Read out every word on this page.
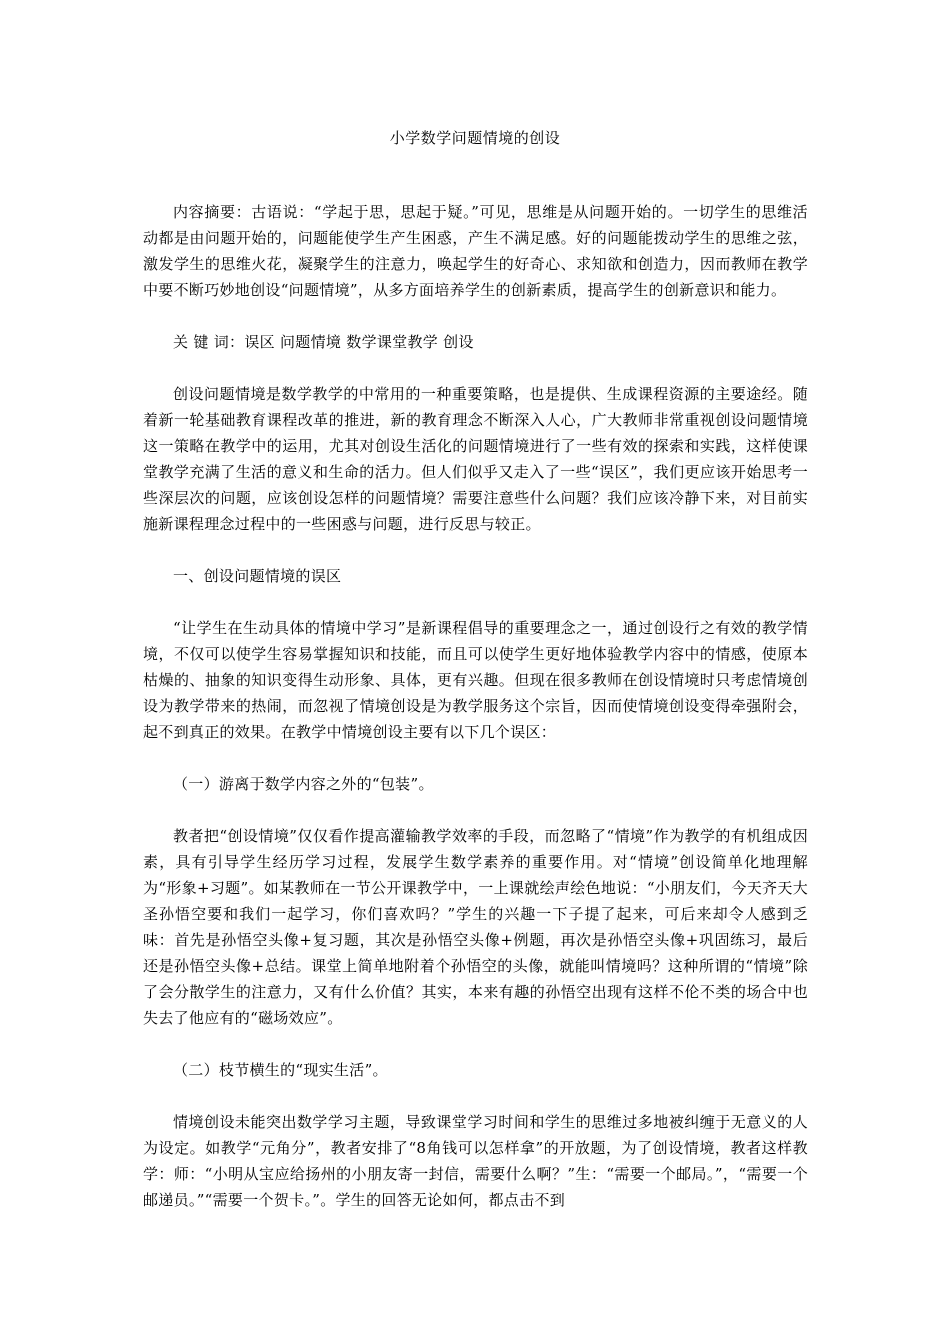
小学数学问题情境的创设

内容摘要：古语说：“学起于思，思起于疑。”可见，思维是从问题开始的。一切学生的思维活动都是由问题开始的，问题能使学生产生困惑，产生不满足感。好的问题能拨动学生的思维之弦，激发学生的思维火花，凝聚学生的注意力，唤起学生的好奇心、求知欲和创造力，因而教师在教学中要不断巧妙地创设“问题情境”，从多方面培养学生的创新素质，提高学生的创新意识和能力。

关 键 词：误区 问题情境 数学课堂教学 创设

创设问题情境是数学教学的中常用的一种重要策略，也是提供、生成课程资源的主要途经。随着新一轮基础教育课程改革的推进，新的教育理念不断深入人心，广大教师非常重视创设问题情境这一策略在教学中的运用，尤其对创设生活化的问题情境进行了一些有效的探索和实践，这样使课堂教学充满了生活的意义和生命的活力。但人们似乎又走入了一些“误区”，我们更应该开始思考一些深层次的问题，应该创设怎样的问题情境？需要注意些什么问题？我们应该冷静下来，对目前实施新课程理念过程中的一些困惑与问题，进行反思与较正。

一、创设问题情境的误区

“让学生在生动具体的情境中学习”是新课程倡导的重要理念之一，通过创设行之有效的教学情境，不仅可以使学生容易掌握知识和技能，而且可以使学生更好地体验教学内容中的情感，使原本枯燥的、抽象的知识变得生动形象、具体，更有兴趣。但现在很多教师在创设情境时只考虑情境创设为教学带来的热闹，而忽视了情境创设是为教学服务这个宗旨，因而使情境创设变得牵强附会，起不到真正的效果。在教学中情境创设主要有以下几个误区：

（一）游离于数学内容之外的“包装”。

教者把“创设情境”仅仅看作提高灌输教学效率的手段，而忽略了“情境”作为教学的有机组成因素，具有引导学生经历学习过程，发展学生数学素养的重要作用。对“情境”创设简单化地理解为“形象+习题”。如某教师在一节公开课教学中，一上课就绘声绘色地说：“小朋友们，今天齐天大圣孙悟空要和我们一起学习，你们喜欢吗？”学生的兴趣一下子提了起来，可后来却令人感到乏味：首先是孙悟空头像+复习题，其次是孙悟空头像+例题，再次是孙悟空头像+巩固练习，最后还是孙悟空头像+总结。课堂上简单地附着个孙悟空的头像，就能叫情境吗？这种所谓的“情境”除了会分散学生的注意力，又有什么价值？其实，本来有趣的孙悟空出现有这样不伦不类的场合中也失去了他应有的“磁场效应”。

（二）枝节横生的“现实生活”。

情境创设未能突出数学学习主题，导致课堂学习时间和学生的思维过多地被纠缠于无意义的人为设定。如教学“元角分”，教者安排了“8角钱可以怎样拿”的开放题，为了创设情境，教者这样教学：师：“小明从宝应给扬州的小朋友寄一封信，需要什么啊？”生：“需要一个邮局。”，“需要一个邮递员。”“需要一个贺卡。”。学生的回答无论如何，都点击不到
